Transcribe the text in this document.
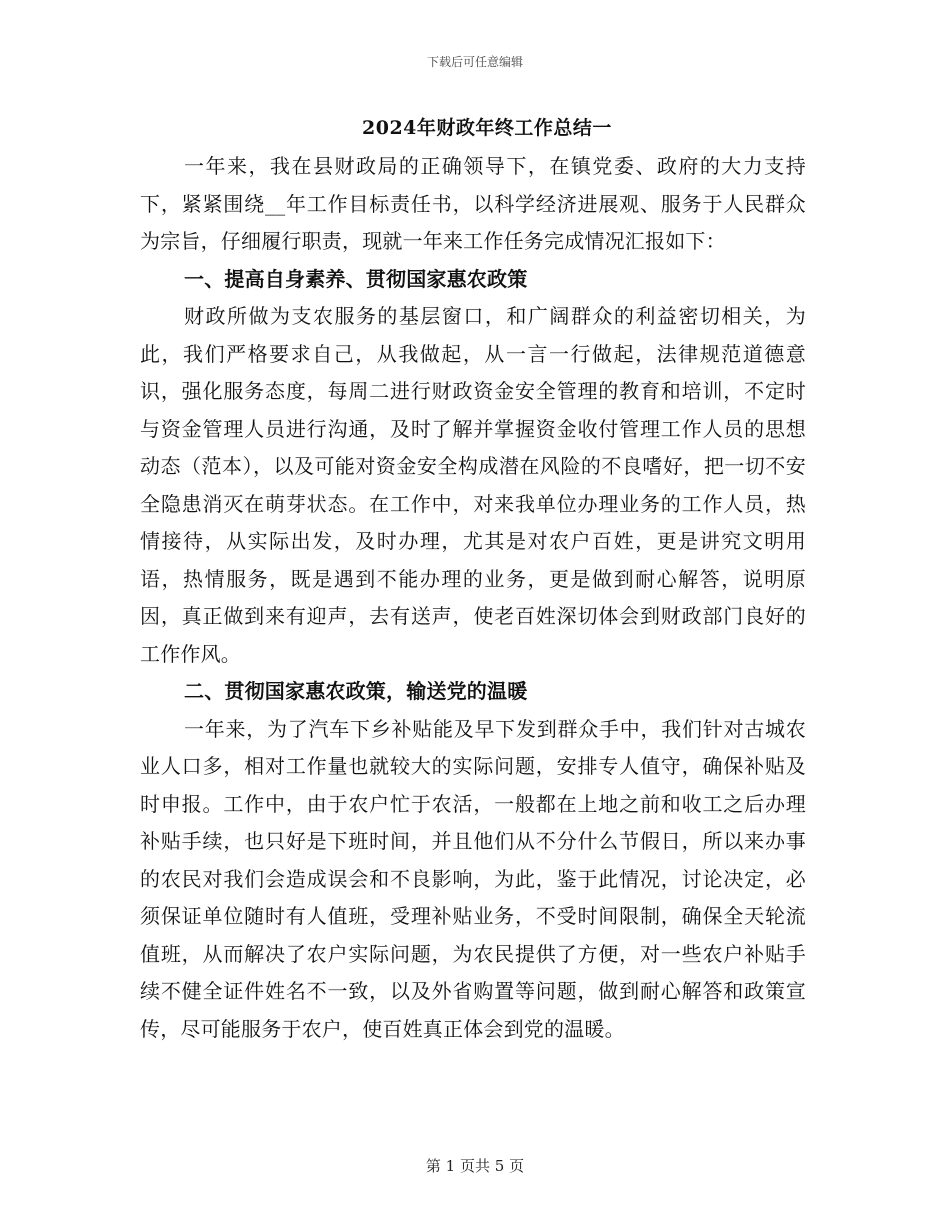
下载后可任意编辑
2024年财政年终工作总结一

一年来，我在县财政局的正确领导下，在镇党委、政府的大力支持下，紧紧围绕__年工作目标责任书，以科学经济进展观、服务于人民群众为宗旨，仔细履行职责，现就一年来工作任务完成情况汇报如下：

一、提高自身素养、贯彻国家惠农政策

财政所做为支农服务的基层窗口，和广阔群众的利益密切相关，为此，我们严格要求自己，从我做起，从一言一行做起，法律规范道德意识，强化服务态度，每周二进行财政资金安全管理的教育和培训，不定时与资金管理人员进行沟通，及时了解并掌握资金收付管理工作人员的思想动态（范本），以及可能对资金安全构成潜在风险的不良嗜好，把一切不安全隐患消灭在萌芽状态。在工作中，对来我单位办理业务的工作人员，热情接待，从实际出发，及时办理，尤其是对农户百姓，更是讲究文明用语，热情服务，既是遇到不能办理的业务，更是做到耐心解答，说明原因，真正做到来有迎声，去有送声，使老百姓深切体会到财政部门良好的工作作风。

二、贯彻国家惠农政策，输送党的温暖

一年来，为了汽车下乡补贴能及早下发到群众手中，我们针对古城农业人口多，相对工作量也就较大的实际问题，安排专人值守，确保补贴及时申报。工作中，由于农户忙于农活，一般都在上地之前和收工之后办理补贴手续，也只好是下班时间，并且他们从不分什么节假日，所以来办事的农民对我们会造成误会和不良影响，为此，鉴于此情况，讨论决定，必须保证单位随时有人值班，受理补贴业务，不受时间限制，确保全天轮流值班，从而解决了农户实际问题，为农民提供了方便，对一些农户补贴手续不健全证件姓名不一致，以及外省购置等问题，做到耐心解答和政策宣传，尽可能服务于农户，使百姓真正体会到党的温暖。

第 1 页共 5 页
